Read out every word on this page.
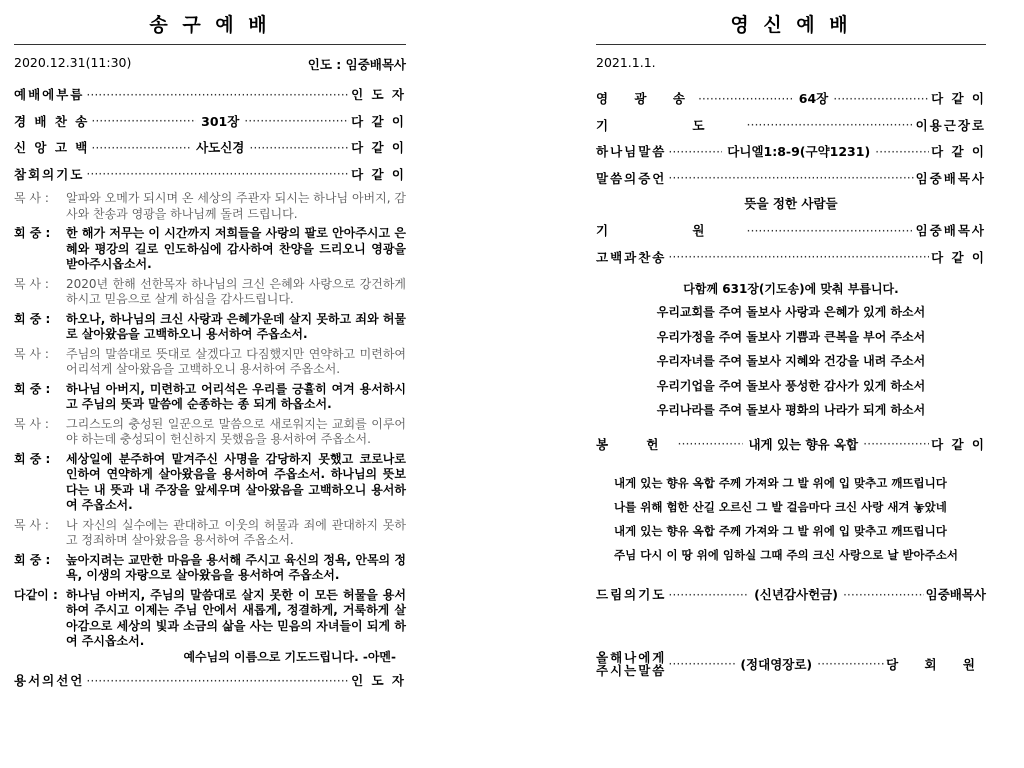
송 구 예 배
2020.12.31(11:30)	인도 : 임중배목사
예배에부름 ·····	인 도 자
경 배 찬 송 ·····	301장 ·····	다 같 이
신 앙 고 백 ·····	사도신경 ·····	다 같 이
참회의기도 ·····	다 같 이
목 사 :	알파와 오메가 되시며 온 세상의 주관자 되시는 하나님 아버지, 감사와 찬송과 영광을 하나님께 돌려 드립니다.
회 중 :	한 해가 저무는 이 시간까지 저희들을 사랑의 팔로 안아주시고 은혜와 평강의 길로 인도하심에 감사하여 찬양을 드리오니 영광을 받아주시옵소서.
목 사 :	2020년 한해 선한목자 하나님의 크신 은혜와 사랑으로 강건하게 하시고 믿음으로 살게 하심을 감사드립니다.
회 중 :	하오나, 하나님의 크신 사랑과 은혜가운데 살지 못하고 죄와 허물로 살아왔음을 고백하오니 용서하여 주옵소서.
목 사 :	주님의 말씀대로 뜻대로 살겠다고 다짐했지만 연약하고 미련하여 어리석게 살아왔음을 고백하오니 용서하여 주옵소서.
회 중 :	하나님 아버지, 미련하고 어리석은 우리를 긍휼히 여겨 용서하시고 주님의 뜻과 말씀에 순종하는 종 되게 하옵소서.
목 사 :	그리스도의 충성된 일꾼으로 말씀으로 새로워지는 교회를 이루어야 하는데 충성되이 헌신하지 못했음을 용서하여 주옵소서.
회 중 :	세상일에 분주하여 맡겨주신 사명을 감당하지 못했고 코로나로 인하여 연약하게 살아왔음을 용서하여 주옵소서. 하나님의 뜻보다는 내 뜻과 내 주장을 앞세우며 살아왔음을 고백하오니 용서하여 주옵소서.
목 사 :	나 자신의 실수에는 관대하고 이웃의 허물과 죄에 관대하지 못하고 정죄하며 살아왔음을 용서하여 주옵소서.
회 중 :	높아지려는 교만한 마음을 용서해 주시고 육신의 정욕, 안목의 정욕, 이생의 자랑으로 살아왔음을 용서하여 주옵소서.
다같이 : 하나님 아버지, 주님의 말씀대로 살지 못한 이 모든 허물을 용서하여 주시고 이제는 주님 안에서 새롭게, 정결하게, 거룩하게 살아감으로 세상의 빛과 소금의 삶을 사는 믿음의 자녀들이 되게 하여 주시옵소서.
예수님의 이름으로 기도드립니다. -아멘-
용서의선언 ·····	인 도 자
영 신 예 배
2021.1.1.
영 광 송 ·····	64장 ·····	다 같 이
기 도 ·····	이용근장로
하나님말씀 ·····	다니엘1:8-9(구약1231) ·····	다 같 이
말씀의증언 ·····	임중배목사
뜻을 정한 사람들
기 원 ·····	임중배목사
고백과찬송 ·····	다 같 이
다함께 631장(기도송)에 맞춰 부릅니다.
우리교회를 주여 돌보사 사랑과 은혜가 있게 하소서
우리가정을 주여 돌보사 기쁨과 큰복을 부어 주소서
우리자녀를 주여 돌보사 지혜와 건강을 내려 주소서
우리기업을 주여 돌보사 풍성한 감사가 있게 하소서
우리나라를 주여 돌보사 평화의 나라가 되게 하소서
봉 헌 ·····	내게 있는 향유 옥합 ·····	다 같 이
내게 있는 향유 옥합 주께 가져와 그 발 위에 입 맞추고 깨뜨립니다
나를 위해 험한 산길 오르신 그 발 걸음마다 크신 사랑 새겨 놓았네
내게 있는 향유 옥합 주께 가져와 그 발 위에 입 맞추고 깨뜨립니다
주님 다시 이 땅 위에 임하실 그때 주의 크신 사랑으로 날 받아주소서
드림의기도 ·····	(신년감사헌금) ·····	임중배목사
올해나에게
주시는말씀 ·····	(정대영장로) ·····	당 회 원
